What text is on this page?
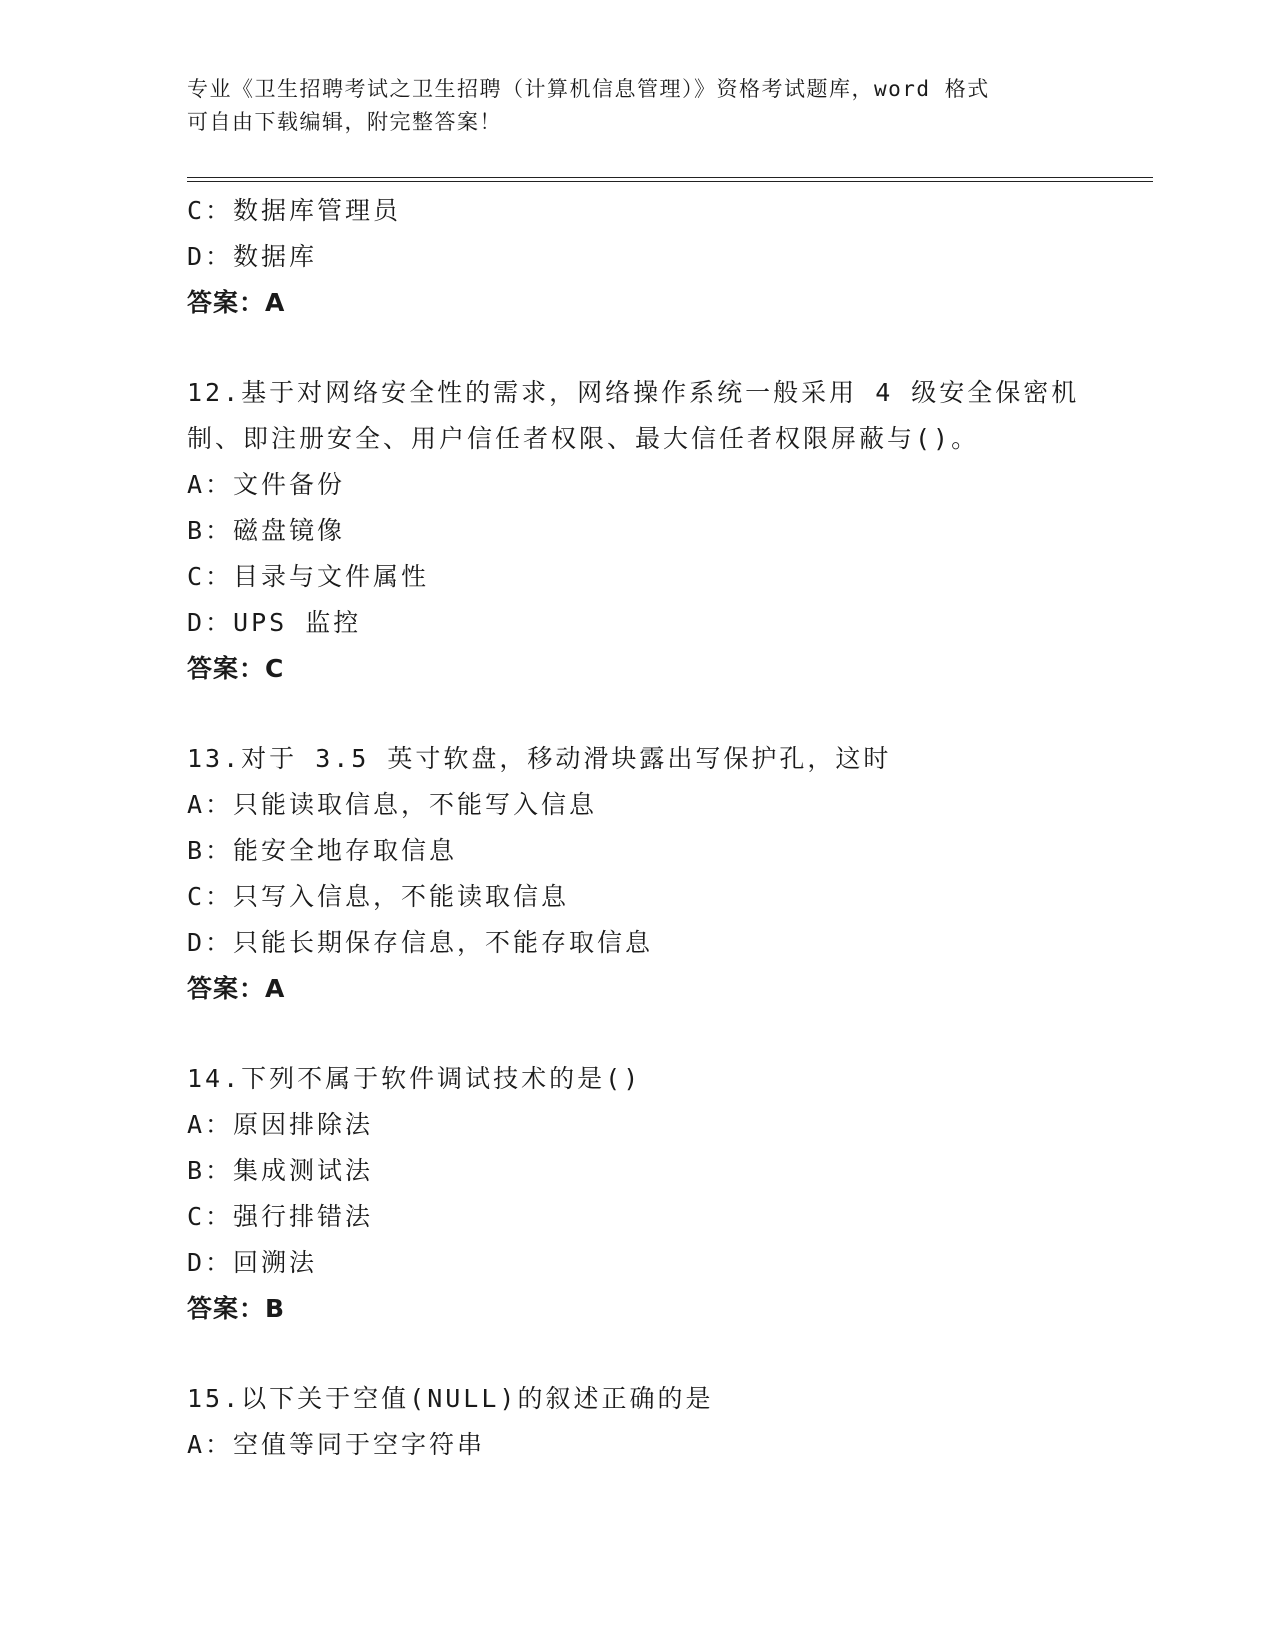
专业《卫生招聘考试之卫生招聘（计算机信息管理）》资格考试题库，word 格式
可自由下载编辑，附完整答案！
C：数据库管理员
D：数据库
答案：A
12.基于对网络安全性的需求，网络操作系统一般采用 4 级安全保密机
制、即注册安全、用户信任者权限、最大信任者权限屏蔽与()。
A：文件备份
B：磁盘镜像
C：目录与文件属性
D：UPS 监控
答案：C
13.对于 3.5 英寸软盘，移动滑块露出写保护孔，这时
A：只能读取信息，不能写入信息
B：能安全地存取信息
C：只写入信息，不能读取信息
D：只能长期保存信息，不能存取信息
答案：A
14.下列不属于软件调试技术的是()
A：原因排除法
B：集成测试法
C：强行排错法
D：回溯法
答案：B
15.以下关于空值(NULL)的叙述正确的是
A：空值等同于空字符串
